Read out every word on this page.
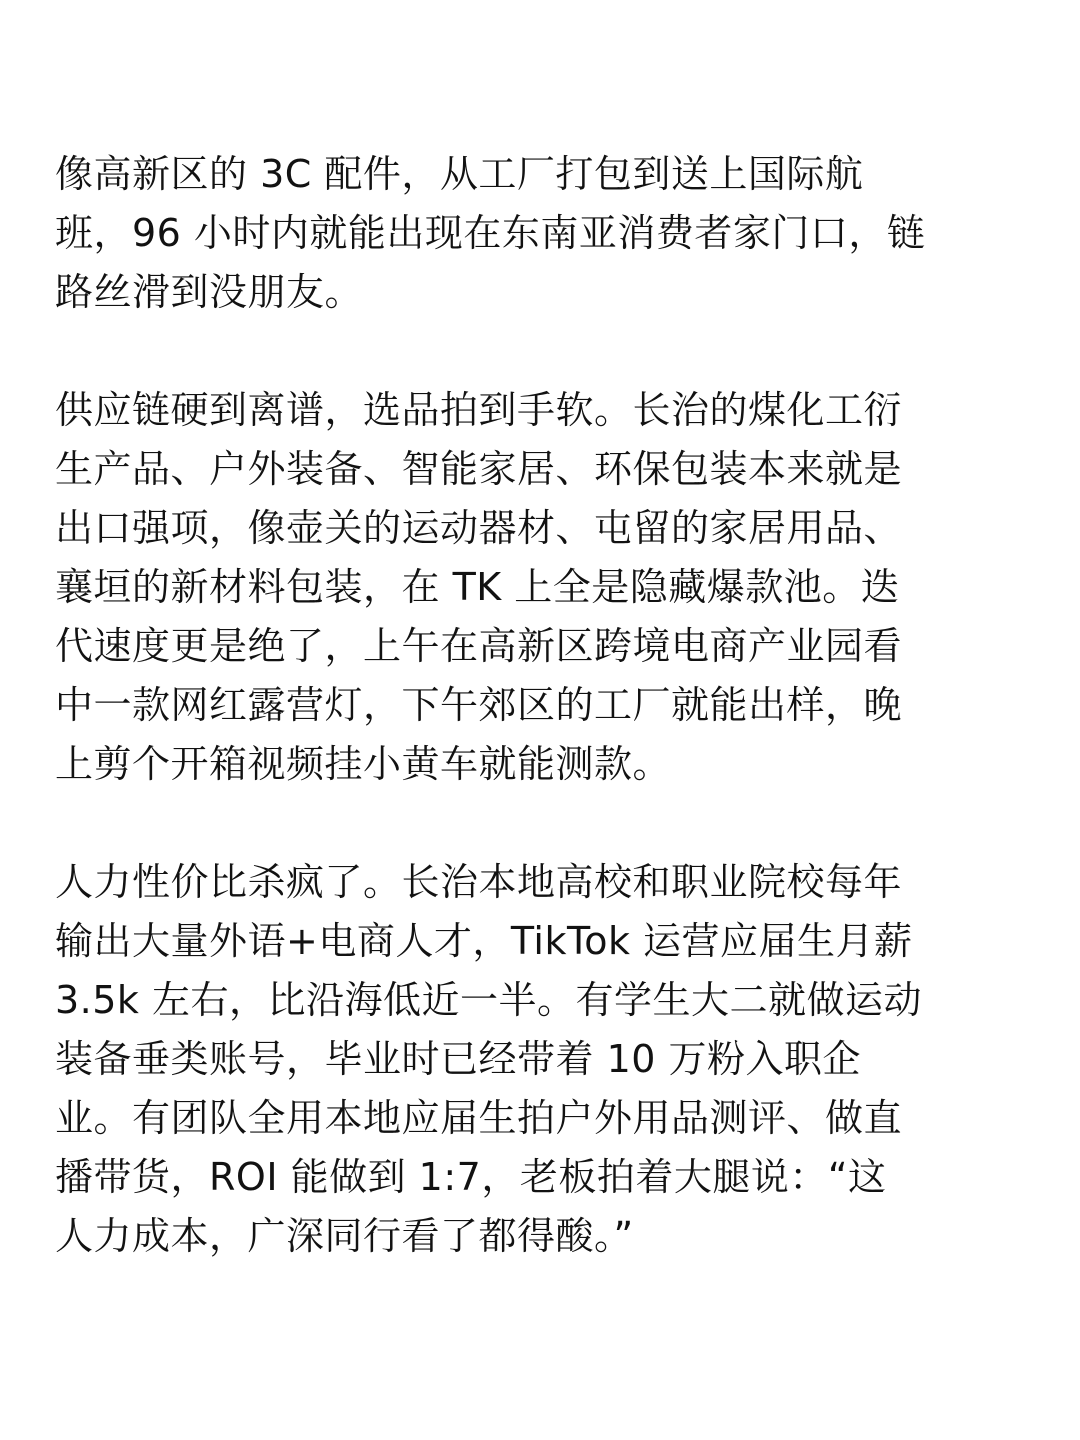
像高新区的 3C 配件，从工厂打包到送上国际航
班，96 小时内就能出现在东南亚消费者家门口，链
路丝滑到没朋友。

供应链硬到离谱，选品拍到手软。长治的煤化工衍
生产品、户外装备、智能家居、环保包装本来就是
出口强项，像壶关的运动器材、屯留的家居用品、
襄垣的新材料包装，在 TK 上全是隐藏爆款池。迭
代速度更是绝了，上午在高新区跨境电商产业园看
中一款网红露营灯，下午郊区的工厂就能出样，晚
上剪个开箱视频挂小黄车就能测款。

人力性价比杀疯了。长治本地高校和职业院校每年
输出大量外语+电商人才，TikTok 运营应届生月薪
3.5k 左右，比沿海低近一半。有学生大二就做运动
装备垂类账号，毕业时已经带着 10 万粉入职企
业。有团队全用本地应届生拍户外用品测评、做直
播带货，ROI 能做到 1:7，老板拍着大腿说：“这
人力成本，广深同行看了都得酸。”
